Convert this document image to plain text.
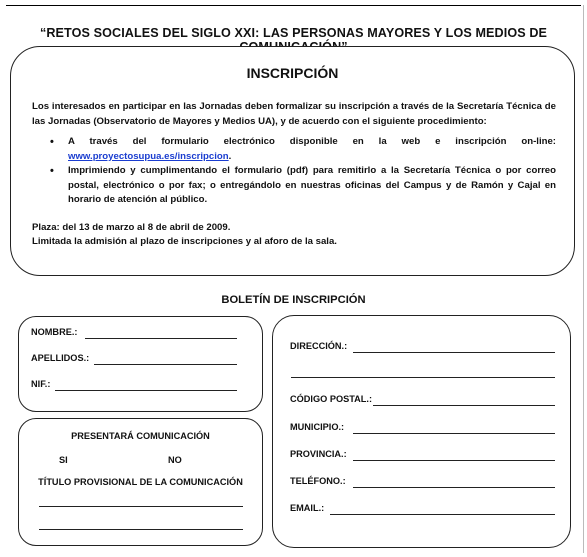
“RETOS SOCIALES DEL SIGLO XXI: LAS PERSONAS MAYORES Y LOS MEDIOS DE
INSCRIPCIÓN
Los interesados en participar en las Jornadas deben formalizar su inscripción a través de la Secretaría Técnica de las Jornadas (Observatorio de Mayores y Medios UA), y de acuerdo con el siguiente procedimiento:
• A través del formulario electrónico disponible en la web e inscripción on-line: www.proyectosupua.es/inscripcion.
• Imprimiendo y cumplimentando el formulario (pdf) para remitirlo a la Secretaría Técnica o por correo postal, electrónico o por fax; o entregándolo en nuestras oficinas del Campus y de Ramón y Cajal en horario de atención al público.
Plaza: del 13 de marzo al 8 de abril de 2009.
Limitada la admisión al plazo de inscripciones y al aforo de la sala.
BOLETÍN DE INSCRIPCIÓN
NOMBRE.:
APELLIDOS.:
NIF.:
PRESENTARÁ COMUNICACIÓN
SI	NO
TÍTULO PROVISIONAL DE LA COMUNICACIÓN
DIRECCIÓN.:
CÓDIGO POSTAL.:
MUNICIPIO.:
PROVINCIA.:
TELÉFONO.:
EMAIL.:
